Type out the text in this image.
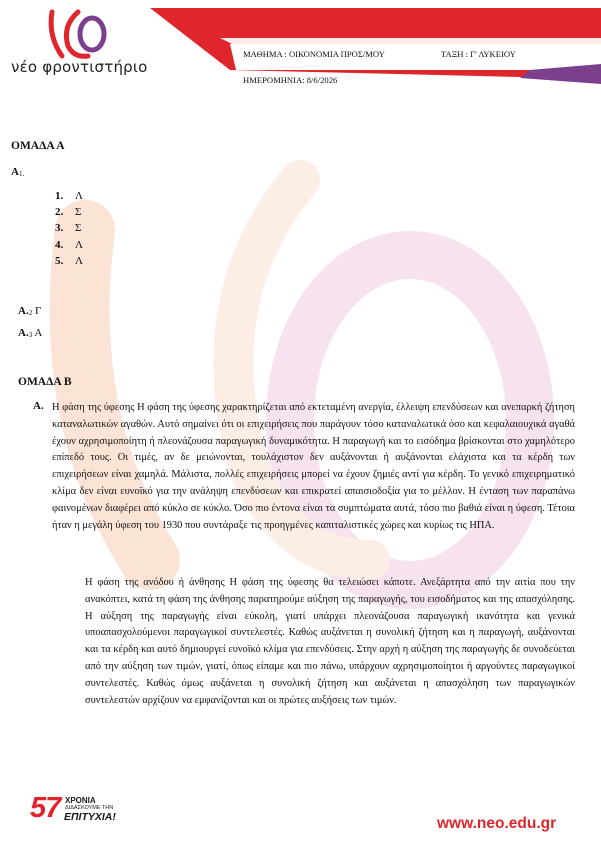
νέο φροντιστήριο
ΜΑΘΗΜΑ : ΟΙΚΟΝΟΜΙΑ ΠΡΟΣ/ΜΟΥ	ΤΑΞΗ : Γ' ΛΥΚΕΙΟΥ
ΗΜΕΡΟΜΗΝΙΑ: 8/6/2026
ΟΜΑΔΑ Α
$A_{1.}$
1. Λ
2. Σ
3. Σ
4. Λ
5. Λ
$A._2$ Γ
$A._3$ Α
ΟΜΑΔΑ Β
Α. Η φάση της ύφεσης Η φάση της ύφεσης χαρακτηρίζεται από εκτεταμένη ανεργία, έλλειψη επενδύσεων και ανεπαρκή ζήτηση καταναλωτικών αγαθών. Αυτό σημαίνει ότι οι επιχειρήσεις που παράγουν τόσο καταναλωτικά όσο και κεφαλαιουχικά αγαθά έχουν αχρησιμοποίητη ή πλεονάζουσα παραγωγική δυναμικότητα. Η παραγωγή και το εισόδημα βρίσκονται στο χαμηλότερο επίπεδό τους. Οι τιμές, αν δε μειώνονται, τουλάχιστον δεν αυξάνονται ή αυξάνονται ελάχιστα και τα κέρδη των επιχειρήσεων είναι χαμηλά. Μάλιστα, πολλές επιχειρήσεις μπορεί να έχουν ζημιές αντί για κέρδη. Το γενικό επιχειρηματικό κλίμα δεν είναι ευνοϊκό για την ανάληψη επενδύσεων και επικρατεί απαισιοδοξία για το μέλλον. Η ένταση των παραπάνω φαινομένων διαφέρει από κύκλο σε κύκλο. Όσο πιο έντονα είναι τα συμπτώματα αυτά, τόσο πιο βαθιά είναι η ύφεση. Τέτοια ήταν η μεγάλη ύφεση του 1930 που συντάραξε τις προηγμένες καπιταλιστικές χώρες και κυρίως τις ΗΠΑ.

Η φάση της ανόδου ή άνθησης Η φάση της ύφεσης θα τελειώσει κάποτε. Ανεξάρτητα από την αιτία που την ανακόπτει, κατά τη φάση της άνθησης παρατηρούμε αύξηση της παραγωγής, του εισοδήματος και της απασχόλησης. Η αύξηση της παραγωγής είναι εύκολη, γιατί υπάρχει πλεονάζουσα παραγωγική ικανότητα και γενικά υποαπασχολούμενοι παραγωγικοί συντελεστές. Καθώς αυξάνεται η συνολική ζήτηση και η παραγωγή, αυξάνονται και τα κέρδη και αυτό δημιουργεί ευνοϊκό κλίμα για επενδύσεις. Στην αρχή η αύξηση της παραγωγής δε συνοδεύεται από την αύξηση των τιμών, γιατί, όπως είπαμε και πιο πάνω, υπάρχουν αχρησιμοποίητοι ή αργούντες παραγωγικοί συντελεστές. Καθώς όμως αυξάνεται η συνολική ζήτηση και αυξάνεται η απασχόληση των παραγωγικών συντελεστών αρχίζουν να εμφανίζονται και οι πρώτες αυξήσεις των τιμών.

57 ΧΡΟΝΙΑ
ΔΙΔΑΣΚΟΥΜΕ ΤΗΝ
ΕΠΙΤΥΧΙΑ!	www.neo.edu.gr
